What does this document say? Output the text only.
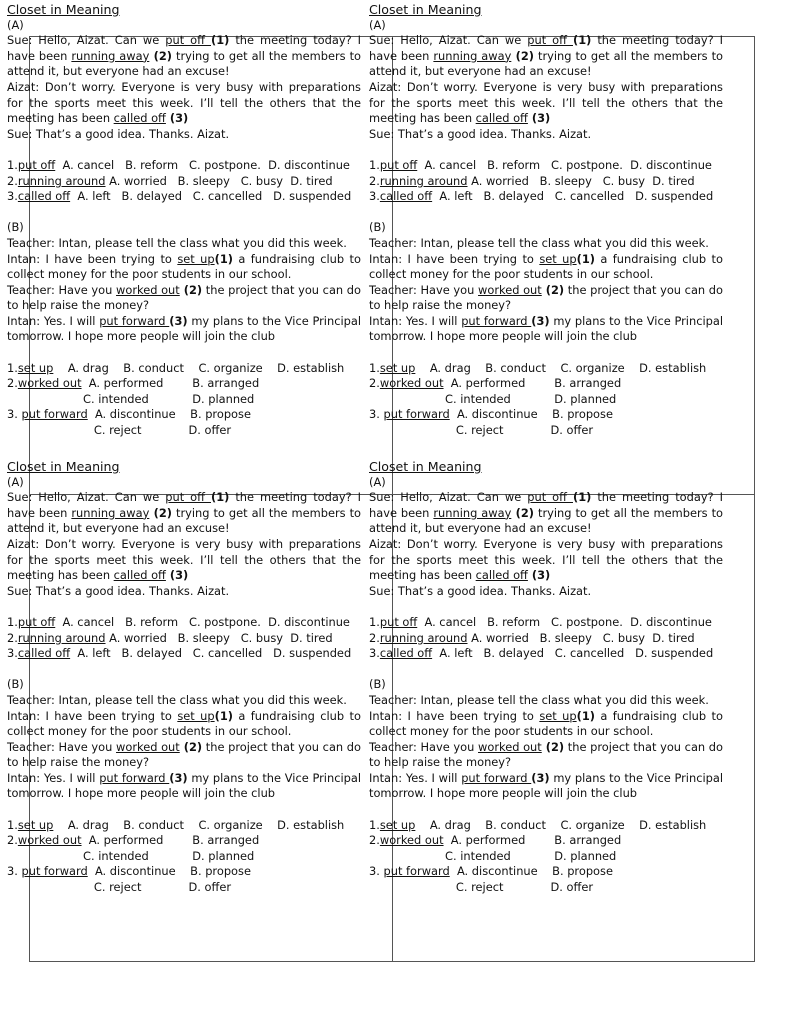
Closet in Meaning
(A)
Sue: Hello, Aizat. Can we put off (1) the meeting today? I have been running away (2) trying to get all the members to attend it, but everyone had an excuse!
Aizat: Don’t worry. Everyone is very busy with preparations for the sports meet this week. I’ll tell the others that the meeting has been called off (3)
Sue: That’s a good idea. Thanks. Aizat.
1.put off  A. cancel   B. reform   C. postpone.  D. discontinue
2.running around A. worried   B. sleepy   C. busy  D. tired
3.called off  A. left   B. delayed   C. cancelled   D. suspended
(B)
Teacher: Intan, please tell the class what you did this week.
Intan: I have been trying to set up(1) a fundraising club to collect money for the poor students in our school.
Teacher: Have you worked out (2) the project that you can do to help raise the money?
Intan: Yes. I will put forward (3) my plans to the Vice Principal tomorrow. I hope more people will join the club
1.set up    A. drag    B. conduct    C. organize    D. establish
2.worked out  A. performed        B. arranged
C. intended            D. planned
3. put forward  A. discontinue    B. propose
C. reject             D. offer
Closet in Meaning
(A)
Sue: Hello, Aizat. Can we put off (1) the meeting today? I have been running away (2) trying to get all the members to attend it, but everyone had an excuse!
Aizat: Don’t worry. Everyone is very busy with preparations for the sports meet this week. I’ll tell the others that the meeting has been called off (3)
Sue: That’s a good idea. Thanks. Aizat.
1.put off  A. cancel   B. reform   C. postpone.  D. discontinue
2.running around A. worried   B. sleepy   C. busy  D. tired
3.called off  A. left   B. delayed   C. cancelled   D. suspended
(B)
Teacher: Intan, please tell the class what you did this week.
Intan: I have been trying to set up(1) a fundraising club to collect money for the poor students in our school.
Teacher: Have you worked out (2) the project that you can do to help raise the money?
Intan: Yes. I will put forward (3) my plans to the Vice Principal tomorrow. I hope more people will join the club
1.set up    A. drag    B. conduct    C. organize    D. establish
2.worked out  A. performed        B. arranged
C. intended            D. planned
3. put forward  A. discontinue    B. propose
C. reject             D. offer
Closet in Meaning
(A)
Sue: Hello, Aizat. Can we put off (1) the meeting today? I have been running away (2) trying to get all the members to attend it, but everyone had an excuse!
Aizat: Don’t worry. Everyone is very busy with preparations for the sports meet this week. I’ll tell the others that the meeting has been called off (3)
Sue: That’s a good idea. Thanks. Aizat.
1.put off  A. cancel   B. reform   C. postpone.  D. discontinue
2.running around A. worried   B. sleepy   C. busy  D. tired
3.called off  A. left   B. delayed   C. cancelled   D. suspended
(B)
Teacher: Intan, please tell the class what you did this week.
Intan: I have been trying to set up(1) a fundraising club to collect money for the poor students in our school.
Teacher: Have you worked out (2) the project that you can do to help raise the money?
Intan: Yes. I will put forward (3) my plans to the Vice Principal tomorrow. I hope more people will join the club
1.set up    A. drag    B. conduct    C. organize    D. establish
2.worked out  A. performed        B. arranged
C. intended            D. planned
3. put forward  A. discontinue    B. propose
C. reject             D. offer
Closet in Meaning
(A)
Sue: Hello, Aizat. Can we put off (1) the meeting today? I have been running away (2) trying to get all the members to attend it, but everyone had an excuse!
Aizat: Don’t worry. Everyone is very busy with preparations for the sports meet this week. I’ll tell the others that the meeting has been called off (3)
Sue: That’s a good idea. Thanks. Aizat.
1.put off  A. cancel   B. reform   C. postpone.  D. discontinue
2.running around A. worried   B. sleepy   C. busy  D. tired
3.called off  A. left   B. delayed   C. cancelled   D. suspended
(B)
Teacher: Intan, please tell the class what you did this week.
Intan: I have been trying to set up(1) a fundraising club to collect money for the poor students in our school.
Teacher: Have you worked out (2) the project that you can do to help raise the money?
Intan: Yes. I will put forward (3) my plans to the Vice Principal tomorrow. I hope more people will join the club
1.set up    A. drag    B. conduct    C. organize    D. establish
2.worked out  A. performed        B. arranged
C. intended            D. planned
3. put forward  A. discontinue    B. propose
C. reject             D. offer
